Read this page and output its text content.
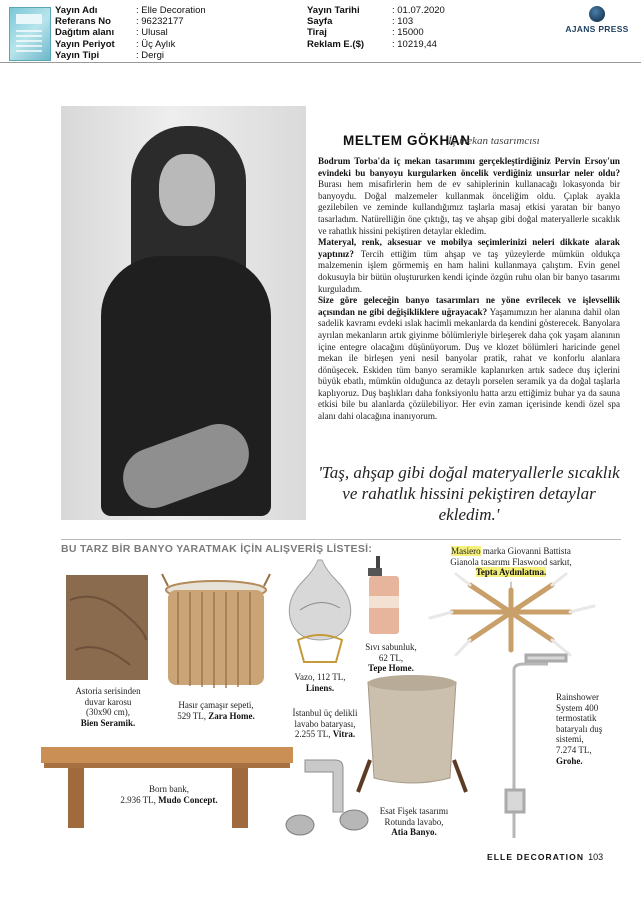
Yayın Adı
Referans No
Dağıtım alanı
Yayın Periyot
Yayın Tipi
: Elle Decoration
: 96232177
: Ulusal
: Üç Aylık
: Dergi
Yayın Tarihi
Sayfa
Tiraj
Reklam E.($)
: 01.07.2020
: 103
: 15000
: 10219,44
AJANS PRESS
MELTEM GÖKHAN
İç mekan tasarımcısı

Bodrum Torba'da iç mekan tasarımını gerçekleştirdiğiniz Pervin Ersoy'un evindeki bu banyoyu kurgularken öncelik verdiğiniz unsurlar neler oldu? Burası hem misafirlerin hem de ev sahiplerinin kullanacağı lokasyonda bir banyoydu. Doğal malzemeler kullanmak önceliğim oldu. Çıplak ayakla gezilebilen ve zeminde kullandığımız taşlarla masaj etkisi yaratan bir banyo tasarladım. Natürelliğin öne çıktığı, taş ve ahşap gibi doğal materyallerle sıcaklık ve rahatlık hissini pekiştiren detaylar ekledim.

Materyal, renk, aksesuar ve mobilya seçimlerinizi neleri dikkate alarak yaptınız? Tercih ettiğim tüm ahşap ve taş yüzeylerde mümkün oldukça malzemenin işlem görmemiş en ham halini kullanmaya çalıştım. Evin genel dokusuyla bir bütün oluştururken kendi içinde özgün ruhu olan bir banyo tasarımı kurguladım.

Size göre geleceğin banyo tasarımları ne yöne evrilecek ve işlevsellik açısından ne gibi değişikliklere uğrayacak? Yaşamımızın her alanına dahil olan sadelik kavramı evdeki ıslak hacimli mekanlarda da kendini gösterecek. Banyolara ayrılan mekanların artık giyinme bölümleriyle birleşerek daha çok yaşam alanının içine entegre olacağını düşünüyorum. Duş ve klozet bölümleri haricinde genel mekan ile birleşen yeni nesil banyolar pratik, rahat ve konforlu alanlara dönüşecek. Eskiden tüm banyo seramikle kaplanırken artık sadece duş içlerini büyük ebatlı, mümkün olduğunca az detaylı porselen seramik ya da doğal taşlarla kaplıyoruz. Duş başlıkları daha fonksiyonlu hatta arzu ettiğimiz buhar ya da sauna etkisi bile bu alanlarda çözülebiliyor. Her evin zaman içerisinde kendi özel spa alanı dahi olacağına inanıyorum.

'Taş, ahşap gibi doğal materyallerle sıcaklık ve rahatlık hissini pekiştiren detaylar ekledim.'
BU TARZ BİR BANYO YARATMAK İÇİN ALIŞVERİŞ LİSTESİ:
Astoria serisinden
duvar karosu
(30x90 cm),
Bien Seramik.
Hasır çamaşır sepeti,
529 TL, Zara Home.
Vazo, 112 TL,
Linens.
Sıvı sabunluk,
62 TL,
Tepe Home.
Masiero marka Giovanni Battista
Gianola tasarımı Flaswood sarkıt,
Tepta Aydınlatma.
İstanbul üç delikli
lavabo bataryası,
2.255 TL, Vitra.
Rainshower
System 400
termostatik
bataryalı duş
sistemi,
7.274 TL,
Grohe.
Born bank,
2.936 TL, Mudo Concept.
Esat Fişek tasarımı
Rotunda lavabo,
Atia Banyo.
ELLE DECORATION 103
